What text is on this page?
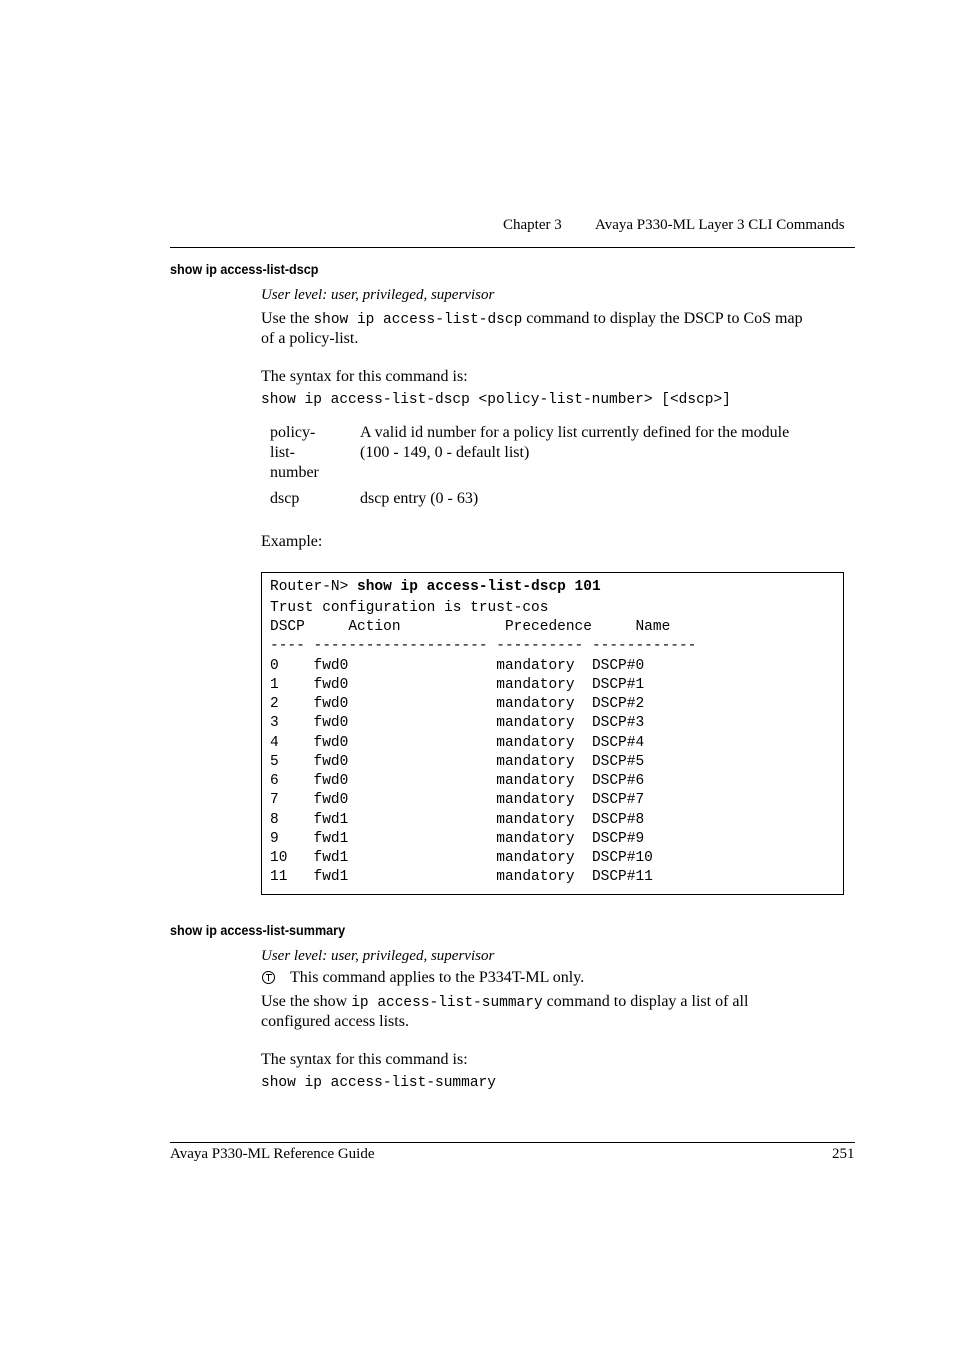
Chapter 3 Avaya P330-ML Layer 3 CLI Commands
show ip access-list-dscp
User level: user, privileged, supervisor
Use the show ip access-list-dscp command to display the DSCP to CoS map
of a policy-list.
The syntax for this command is:
show ip access-list-dscp <policy-list-number> [<dscp>]
policy-
list-
number
A valid id number for a policy list currently defined for the module
(100 - 149, 0 - default list)
dscp	dscp entry (0 - 63)
Example:
Router-N> show ip access-list-dscp 101
Trust configuration is trust-cos
DSCP     Action            Precedence     Name
---- -------------------- ---------- ------------
0    fwd0                 mandatory  DSCP#0
1    fwd0                 mandatory  DSCP#1
2    fwd0                 mandatory  DSCP#2
3    fwd0                 mandatory  DSCP#3
4    fwd0                 mandatory  DSCP#4
5    fwd0                 mandatory  DSCP#5
6    fwd0                 mandatory  DSCP#6
7    fwd0                 mandatory  DSCP#7
8    fwd1                 mandatory  DSCP#8
9    fwd1                 mandatory  DSCP#9
10   fwd1                 mandatory  DSCP#10
11   fwd1                 mandatory  DSCP#11
show ip access-list-summary
User level: user, privileged, supervisor
This command applies to the P334T-ML only.
Use the show ip access-list-summary command to display a list of all
configured access lists.
The syntax for this command is:
show ip access-list-summary
Avaya P330-ML Reference Guide	251
